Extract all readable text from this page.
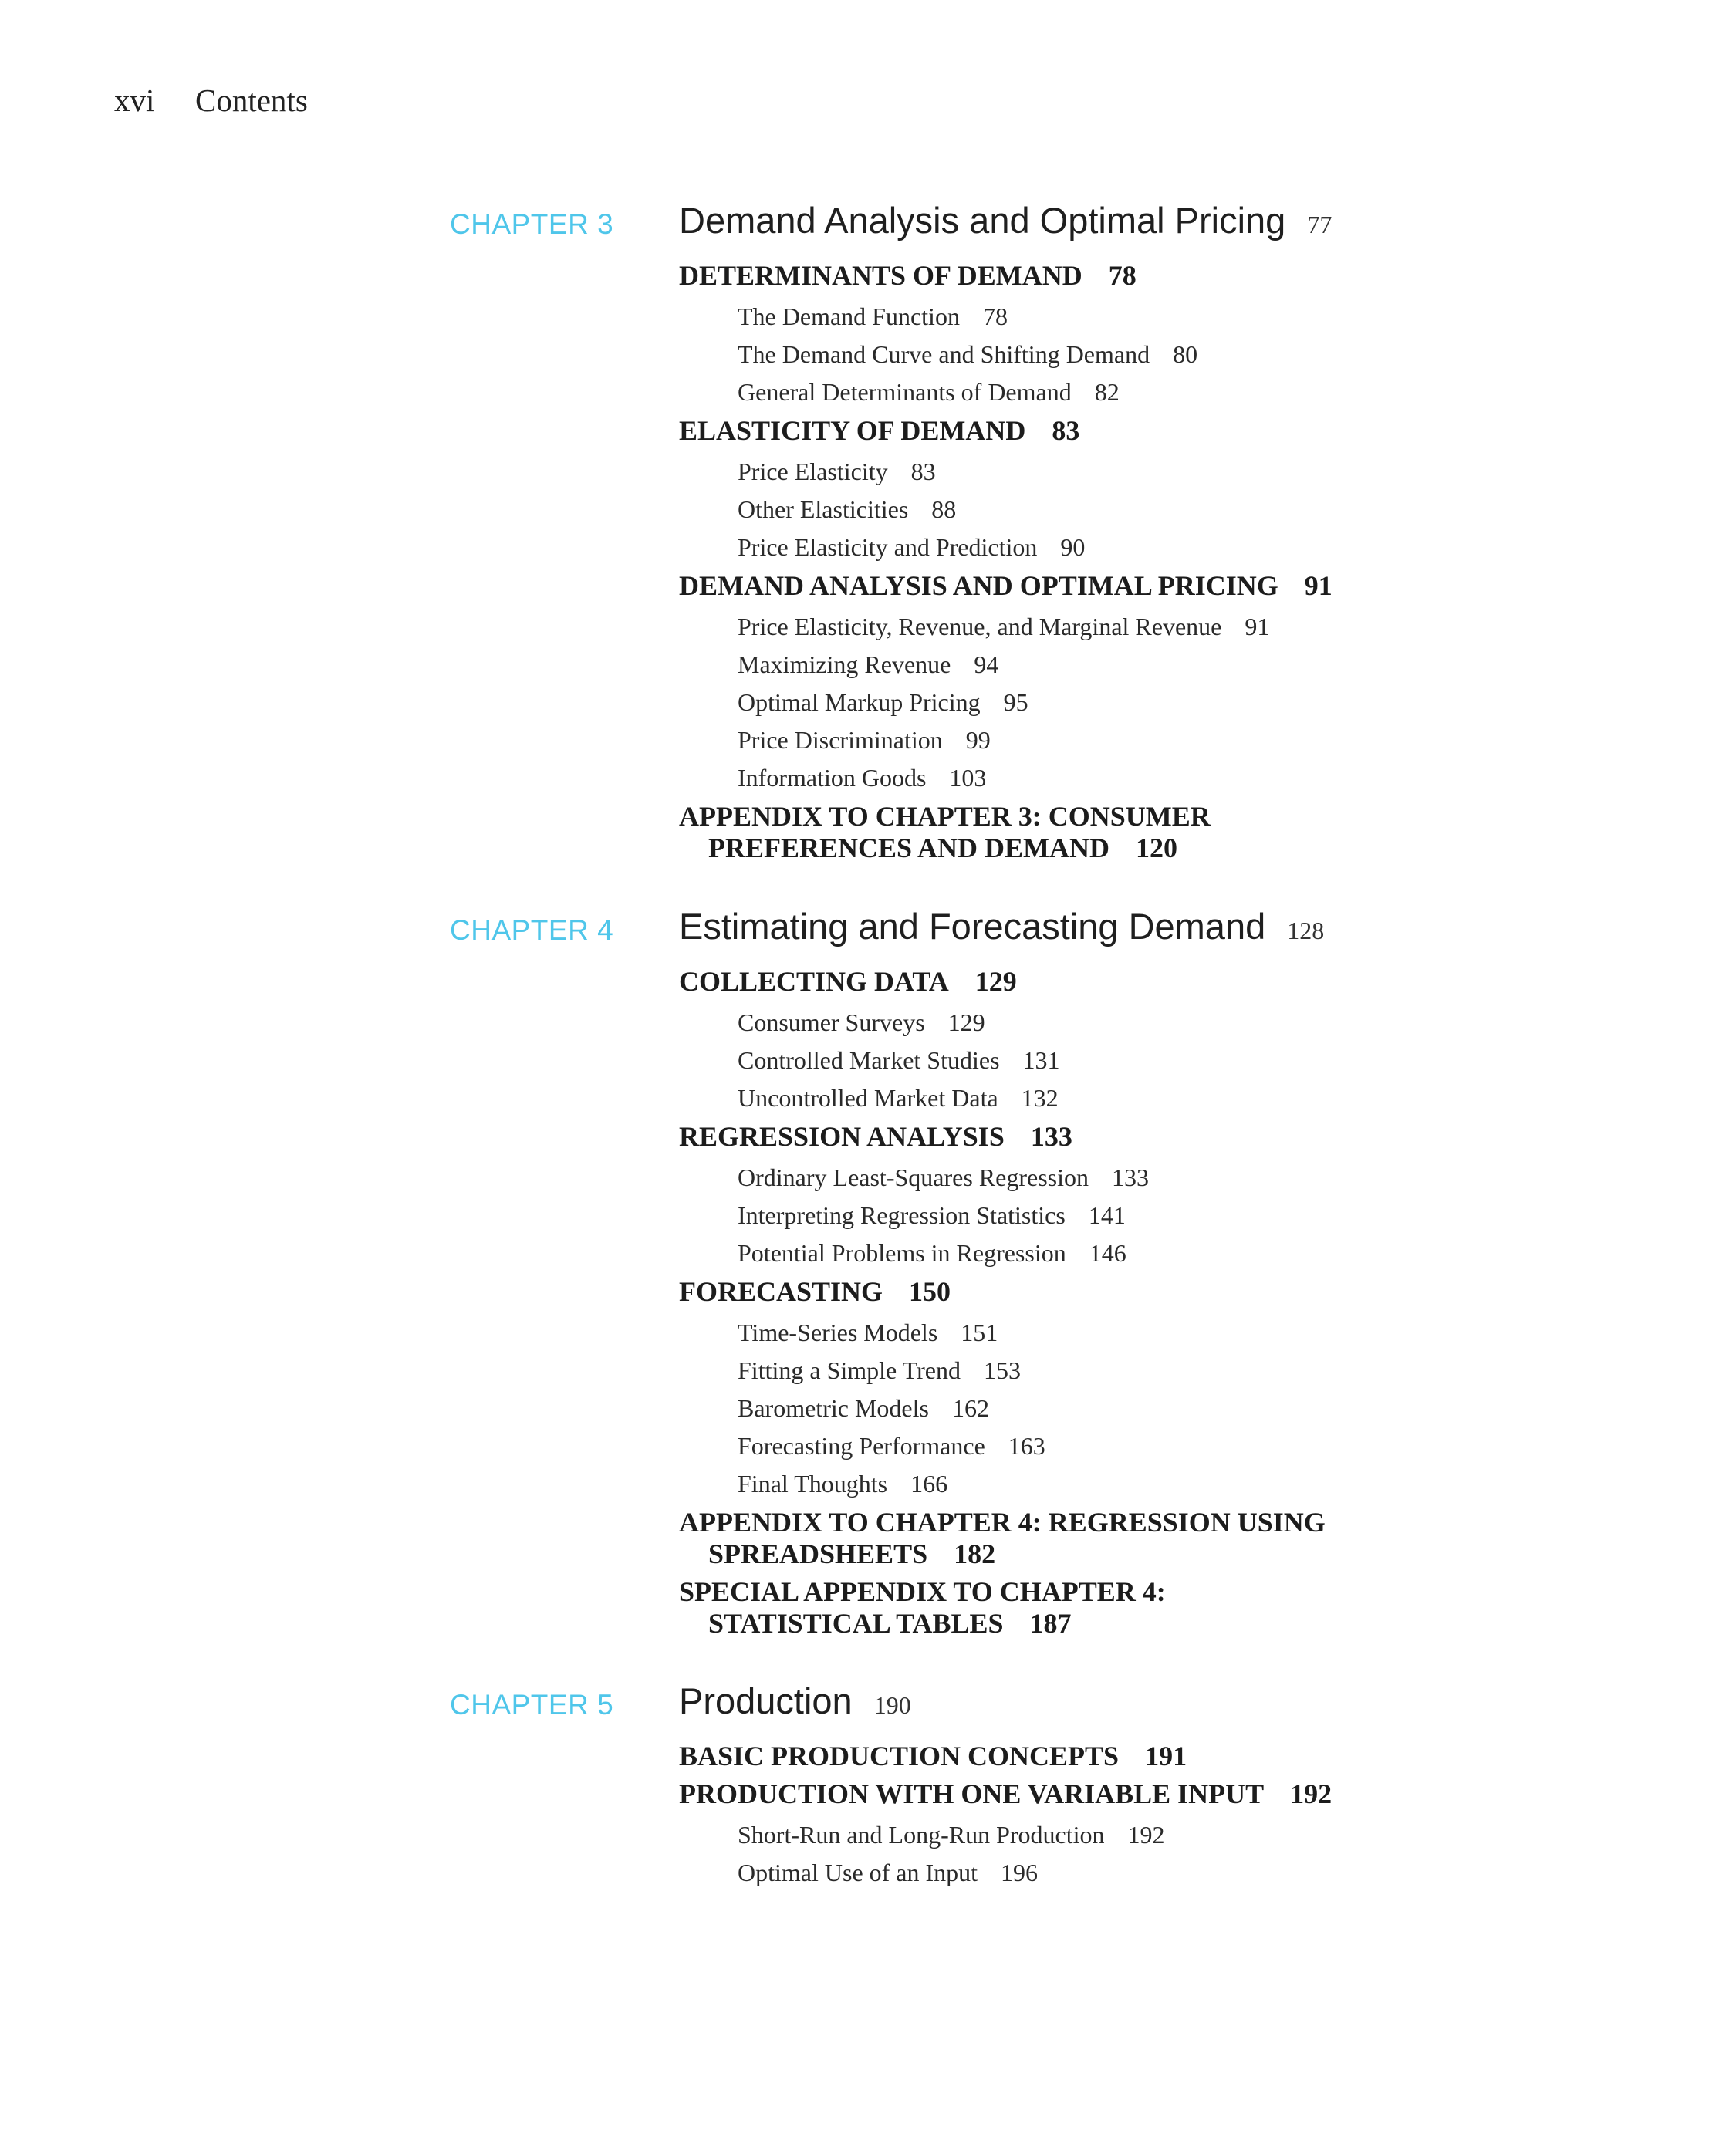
xvi Contents
CHAPTER 3 Demand Analysis and Optimal Pricing 77
DETERMINANTS OF DEMAND 78
The Demand Function 78
The Demand Curve and Shifting Demand 80
General Determinants of Demand 82
ELASTICITY OF DEMAND 83
Price Elasticity 83
Other Elasticities 88
Price Elasticity and Prediction 90
DEMAND ANALYSIS AND OPTIMAL PRICING 91
Price Elasticity, Revenue, and Marginal Revenue 91
Maximizing Revenue 94
Optimal Markup Pricing 95
Price Discrimination 99
Information Goods 103
APPENDIX TO CHAPTER 3: CONSUMER PREFERENCES AND DEMAND 120
CHAPTER 4 Estimating and Forecasting Demand 128
COLLECTING DATA 129
Consumer Surveys 129
Controlled Market Studies 131
Uncontrolled Market Data 132
REGRESSION ANALYSIS 133
Ordinary Least-Squares Regression 133
Interpreting Regression Statistics 141
Potential Problems in Regression 146
FORECASTING 150
Time-Series Models 151
Fitting a Simple Trend 153
Barometric Models 162
Forecasting Performance 163
Final Thoughts 166
APPENDIX TO CHAPTER 4: REGRESSION USING SPREADSHEETS 182
SPECIAL APPENDIX TO CHAPTER 4: STATISTICAL TABLES 187
CHAPTER 5 Production 190
BASIC PRODUCTION CONCEPTS 191
PRODUCTION WITH ONE VARIABLE INPUT 192
Short-Run and Long-Run Production 192
Optimal Use of an Input 196
